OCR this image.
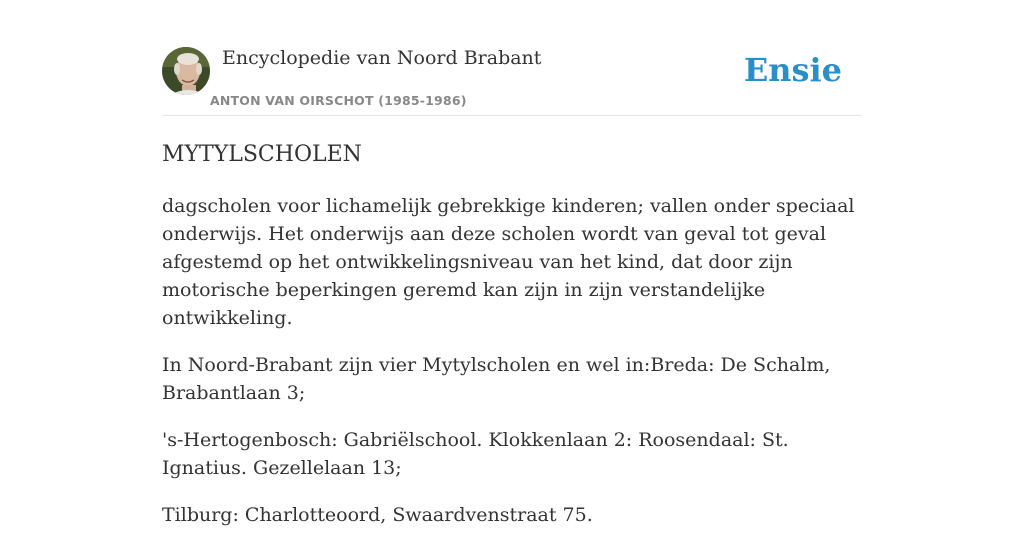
Encyclopedie van Noord Brabant
ANTON VAN OIRSCHOT (1985-1986)
Ensie
MYTYLSCHOLEN

dagscholen voor lichamelijk gebrekkige kinderen; vallen onder speciaal onderwijs. Het onderwijs aan deze scholen wordt van geval tot geval afgestemd op het ontwikkelingsniveau van het kind, dat door zijn motorische beperkingen geremd kan zijn in zijn verstandelijke ontwikkeling.

In Noord-Brabant zijn vier Mytylscholen en wel in:Breda: De Schalm, Brabantlaan 3;

's-Hertogenbosch: Gabriëlschool. Klokkenlaan 2: Roosendaal: St. Ignatius. Gezellelaan 13;

Tilburg: Charlotteoord, Swaardvenstraat 75.
